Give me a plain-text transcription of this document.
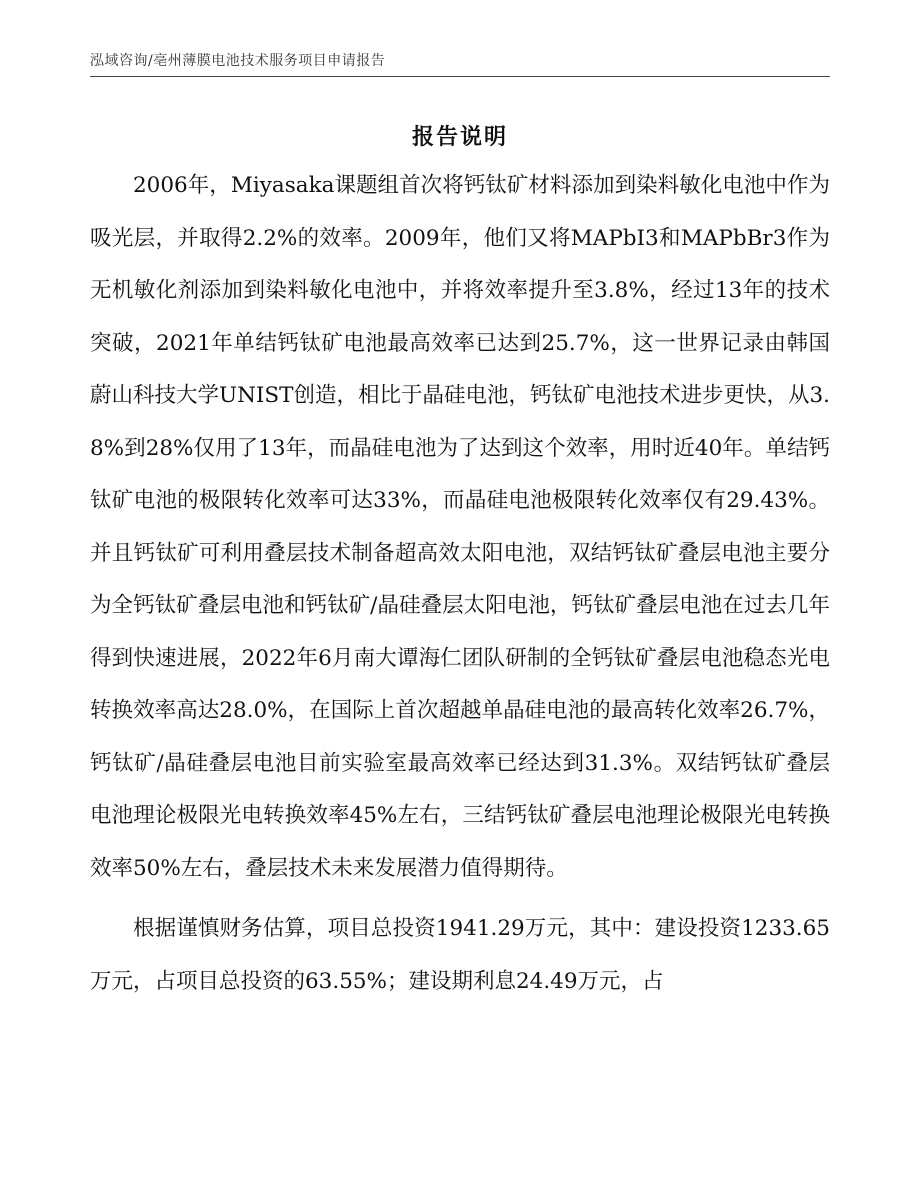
泓域咨询/亳州薄膜电池技术服务项目申请报告
报告说明

2006年，Miyasaka课题组首次将钙钛矿材料添加到染料敏化电池中作为吸光层，并取得2.2%的效率。2009年，他们又将MAPbI3和MAPbBr3作为无机敏化剂添加到染料敏化电池中，并将效率提升至3.8%，经过13年的技术突破，2021年单结钙钛矿电池最高效率已达到25.7%，这一世界记录由韩国蔚山科技大学UNIST创造，相比于晶硅电池，钙钛矿电池技术进步更快，从3.8%到28%仅用了13年，而晶硅电池为了达到这个效率，用时近40年。单结钙钛矿电池的极限转化效率可达33%，而晶硅电池极限转化效率仅有29.43%。并且钙钛矿可利用叠层技术制备超高效太阳电池，双结钙钛矿叠层电池主要分为全钙钛矿叠层电池和钙钛矿/晶硅叠层太阳电池，钙钛矿叠层电池在过去几年得到快速进展，2022年6月南大谭海仁团队研制的全钙钛矿叠层电池稳态光电转换效率高达28.0%，在国际上首次超越单晶硅电池的最高转化效率26.7%，钙钛矿/晶硅叠层电池目前实验室最高效率已经达到31.3%。双结钙钛矿叠层电池理论极限光电转换效率45%左右，三结钙钛矿叠层电池理论极限光电转换效率50%左右，叠层技术未来发展潜力值得期待。

根据谨慎财务估算，项目总投资1941.29万元，其中：建设投资1233.65万元，占项目总投资的63.55%；建设期利息24.49万元，占
